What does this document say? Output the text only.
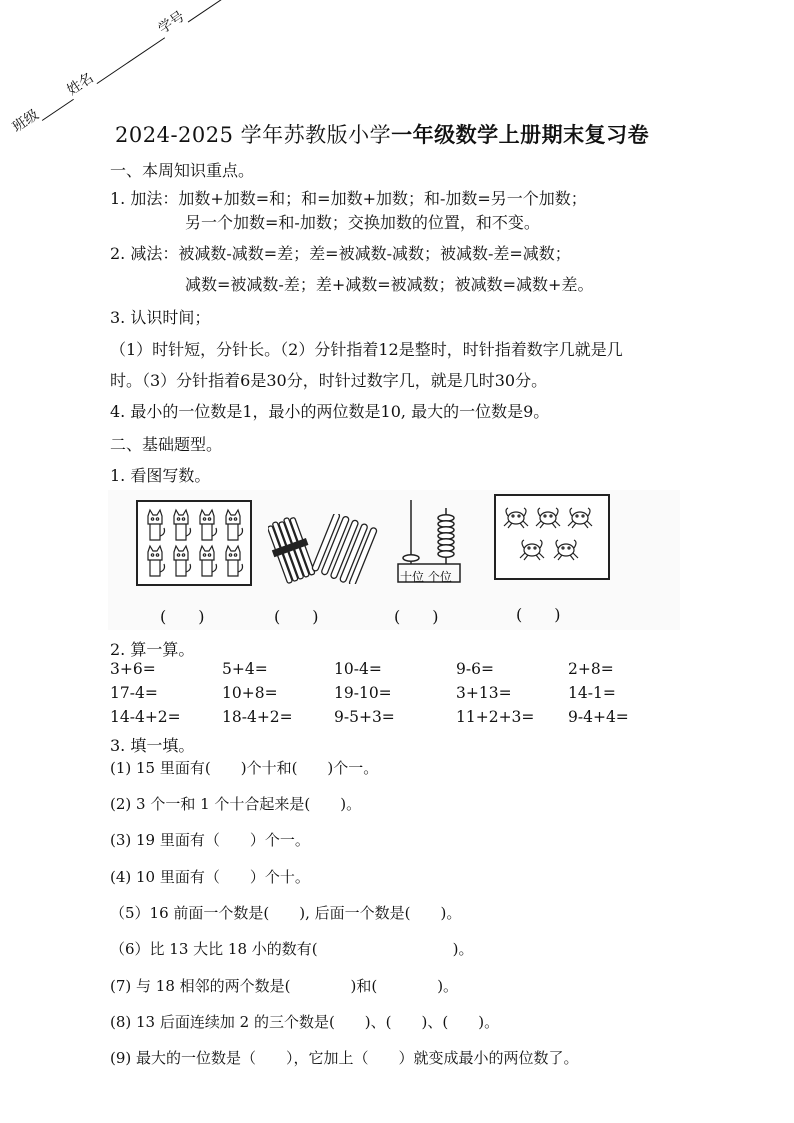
班级姓名学号
2024-2025 学年苏教版小学一年级数学上册期末复习卷
一、本周知识重点。
1. 加法：加数+加数=和；和=加数+加数；和-加数=另一个加数；
另一个加数=和-加数；交换加数的位置，和不变。
2. 减法：被减数-减数=差；差=被减数-减数；被减数-差=减数；
减数=被减数-差；差+减数=被减数；被减数=减数+差。
3. 认识时间；
（1）时针短，分针长。（2）分针指着12是整时，时针指着数字几就是几
时。（3）分针指着6是30分，时针过数字几，就是几时30分。
4. 最小的一位数是1，最小的两位数是10, 最大的一位数是9。
二、基础题型。
1. 看图写数。
十位 个位
(　　)	(　　)	(　　)	(　　)
2. 算一算。
3+6=	5+4=	10-4=	9-6=	2+8=
17-4=	10+8=	19-10=	3+13=	14-1=
14-4+2=	18-4+2=	9-5+3=	11+2+3= 9-4+4=
3. 填一填。
(1) 15 里面有(　　)个十和(　　)个一。
(2) 3 个一和 1 个十合起来是(　　)。
(3) 19 里面有（　　）个一。
(4) 10 里面有（　　）个十。
（5）16 前面一个数是(　　), 后面一个数是(　　)。
（6）比 13 大比 18 小的数有(　　　　　　　　　)。
(7) 与 18 相邻的两个数是(　　　　)和(　　　　)。
(8) 13 后面连续加 2 的三个数是(　　)、(　　)、(　　)。
(9) 最大的一位数是（　　），它加上（　　）就变成最小的两位数了。
